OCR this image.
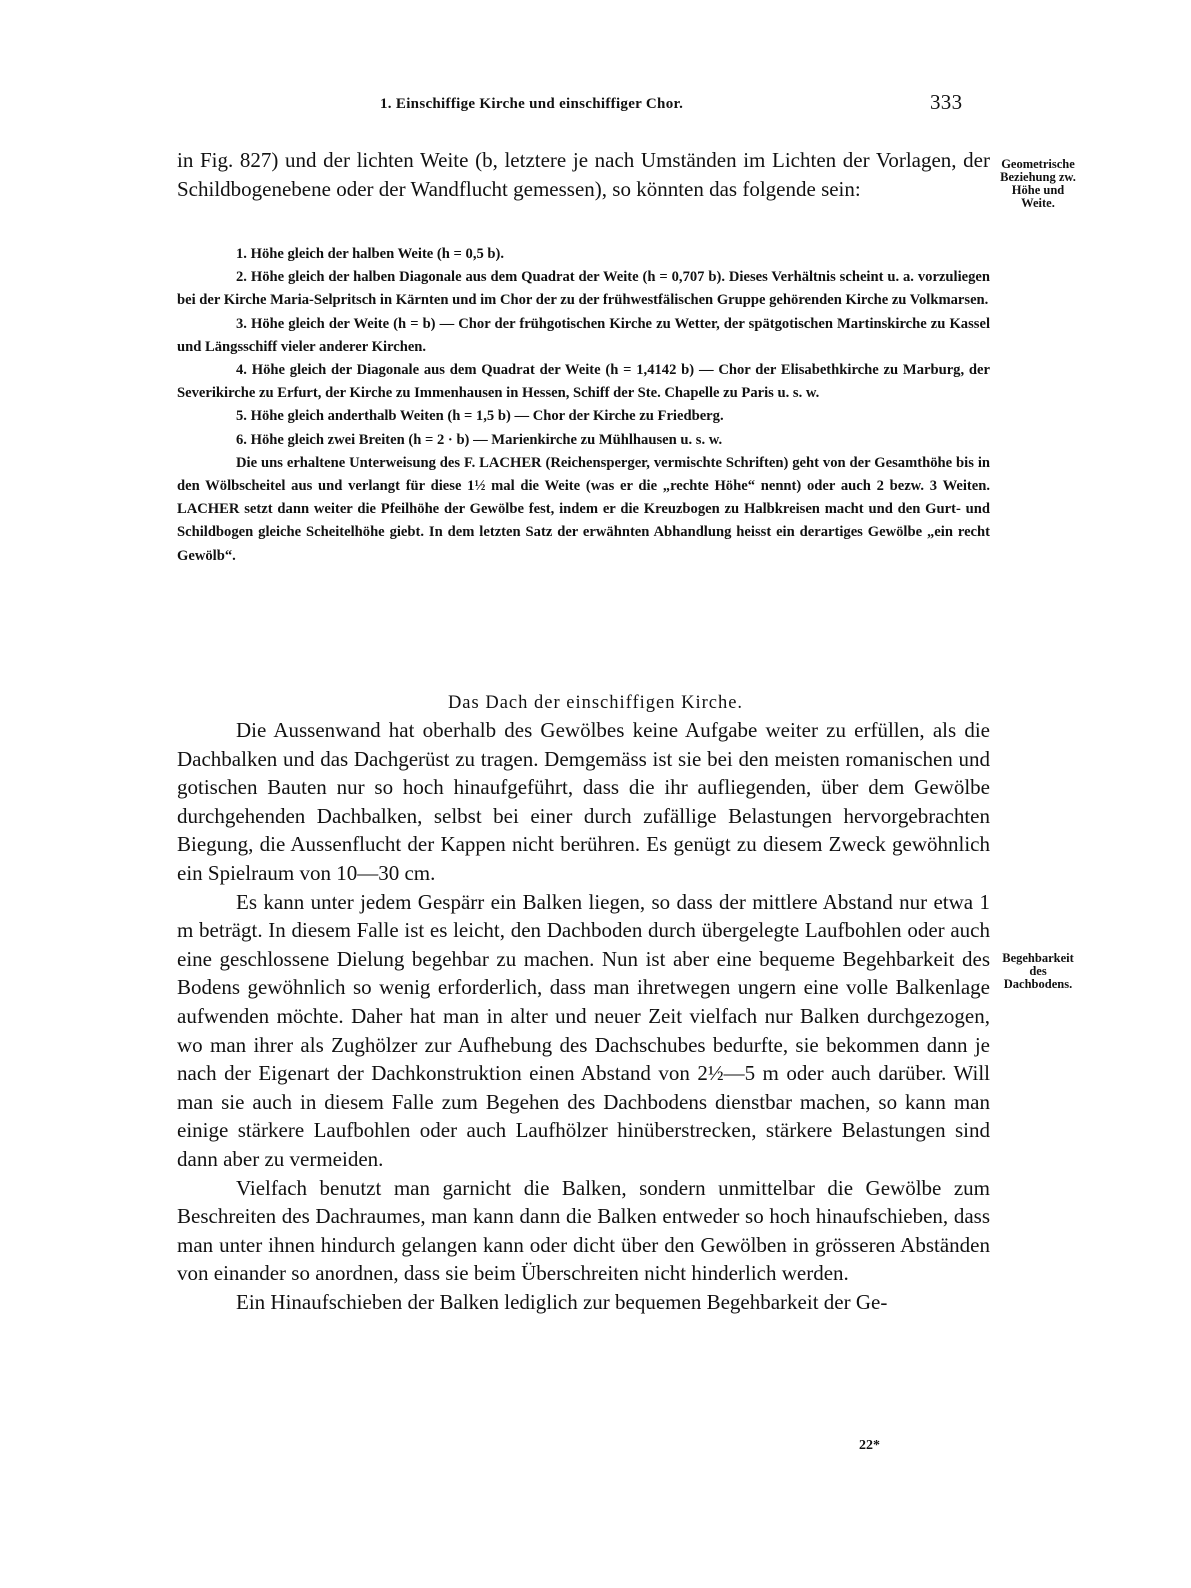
1. Einschiffige Kirche und einschiffiger Chor.	333

in Fig. 827) und der lichten Weite (b, letztere je nach Umständen im Lichten der Vorlagen, der Schildbogenebene oder der Wandflucht gemessen), so könnten das folgende sein:

Geometrische Beziehung zw. Höhe und Weite.

1. Höhe gleich der halben Weite (h = 0,5 b).

2. Höhe gleich der halben Diagonale aus dem Quadrat der Weite (h = 0,707 b). Dieses Verhältnis scheint u. a. vorzuliegen bei der Kirche Maria-Selpritsch in Kärnten und im Chor der zu der frühwestfälischen Gruppe gehörenden Kirche zu Volkmarsen.

3. Höhe gleich der Weite (h = b) — Chor der frühgotischen Kirche zu Wetter, der spätgotischen Martinskirche zu Kassel und Längsschiff vieler anderer Kirchen.

4. Höhe gleich der Diagonale aus dem Quadrat der Weite (h = 1,4142 b) — Chor der Elisabethkirche zu Marburg, der Severikirche zu Erfurt, der Kirche zu Immenhausen in Hessen, Schiff der Ste. Chapelle zu Paris u. s. w.

5. Höhe gleich anderthalb Weiten (h = 1,5 b) — Chor der Kirche zu Friedberg.

6. Höhe gleich zwei Breiten (h = 2 · b) — Marienkirche zu Mühlhausen u. s. w.

Die uns erhaltene Unterweisung des F. LACHER (Reichensperger, vermischte Schriften) geht von der Gesamthöhe bis in den Wölbscheitel aus und verlangt für diese 1½ mal die Weite (was er die „rechte Höhe“ nennt) oder auch 2 bezw. 3 Weiten. LACHER setzt dann weiter die Pfeilhöhe der Gewölbe fest, indem er die Kreuzbogen zu Halbkreisen macht und den Gurt- und Schildbogen gleiche Scheitelhöhe giebt. In dem letzten Satz der erwähnten Abhandlung heisst ein derartiges Gewölbe „ein recht Gewölb“.

Das Dach der einschiffigen Kirche.

Die Aussenwand hat oberhalb des Gewölbes keine Aufgabe weiter zu erfüllen, als die Dachbalken und das Dachgerüst zu tragen. Demgemäss ist sie bei den meisten romanischen und gotischen Bauten nur so hoch hinaufgeführt, dass die ihr aufliegenden, über dem Gewölbe durchgehenden Dachbalken, selbst bei einer durch zufällige Belastungen hervorgebrachten Biegung, die Aussenflucht der Kappen nicht berühren. Es genügt zu diesem Zweck gewöhnlich ein Spielraum von 10—30 cm.

Es kann unter jedem Gespärr ein Balken liegen, so dass der mittlere Abstand nur etwa 1 m beträgt. In diesem Falle ist es leicht, den Dachboden durch übergelegte Laufbohlen oder auch eine geschlossene Dielung begehbar zu machen. Nun ist aber eine bequeme Begehbarkeit des Bodens gewöhnlich so wenig erforderlich, dass man ihretwegen ungern eine volle Balkenlage aufwenden möchte. Daher hat man in alter und neuer Zeit vielfach nur Balken durchgezogen, wo man ihrer als Zughölzer zur Aufhebung des Dachschubes bedurfte, sie bekommen dann je nach der Eigenart der Dachkonstruktion einen Abstand von 2½—5 m oder auch darüber. Will man sie auch in diesem Falle zum Begehen des Dachbodens dienstbar machen, so kann man einige stärkere Laufbohlen oder auch Laufhölzer hinüberstrecken, stärkere Belastungen sind dann aber zu vermeiden.

Vielfach benutzt man garnicht die Balken, sondern unmittelbar die Gewölbe zum Beschreiten des Dachraumes, man kann dann die Balken entweder so hoch hinaufschieben, dass man unter ihnen hindurch gelangen kann oder dicht über den Gewölben in grösseren Abständen von einander so anordnen, dass sie beim Überschreiten nicht hinderlich werden.

Ein Hinaufschieben der Balken lediglich zur bequemen Begehbarkeit der Ge-

Begehbarkeit des Dachbodens.
22*
